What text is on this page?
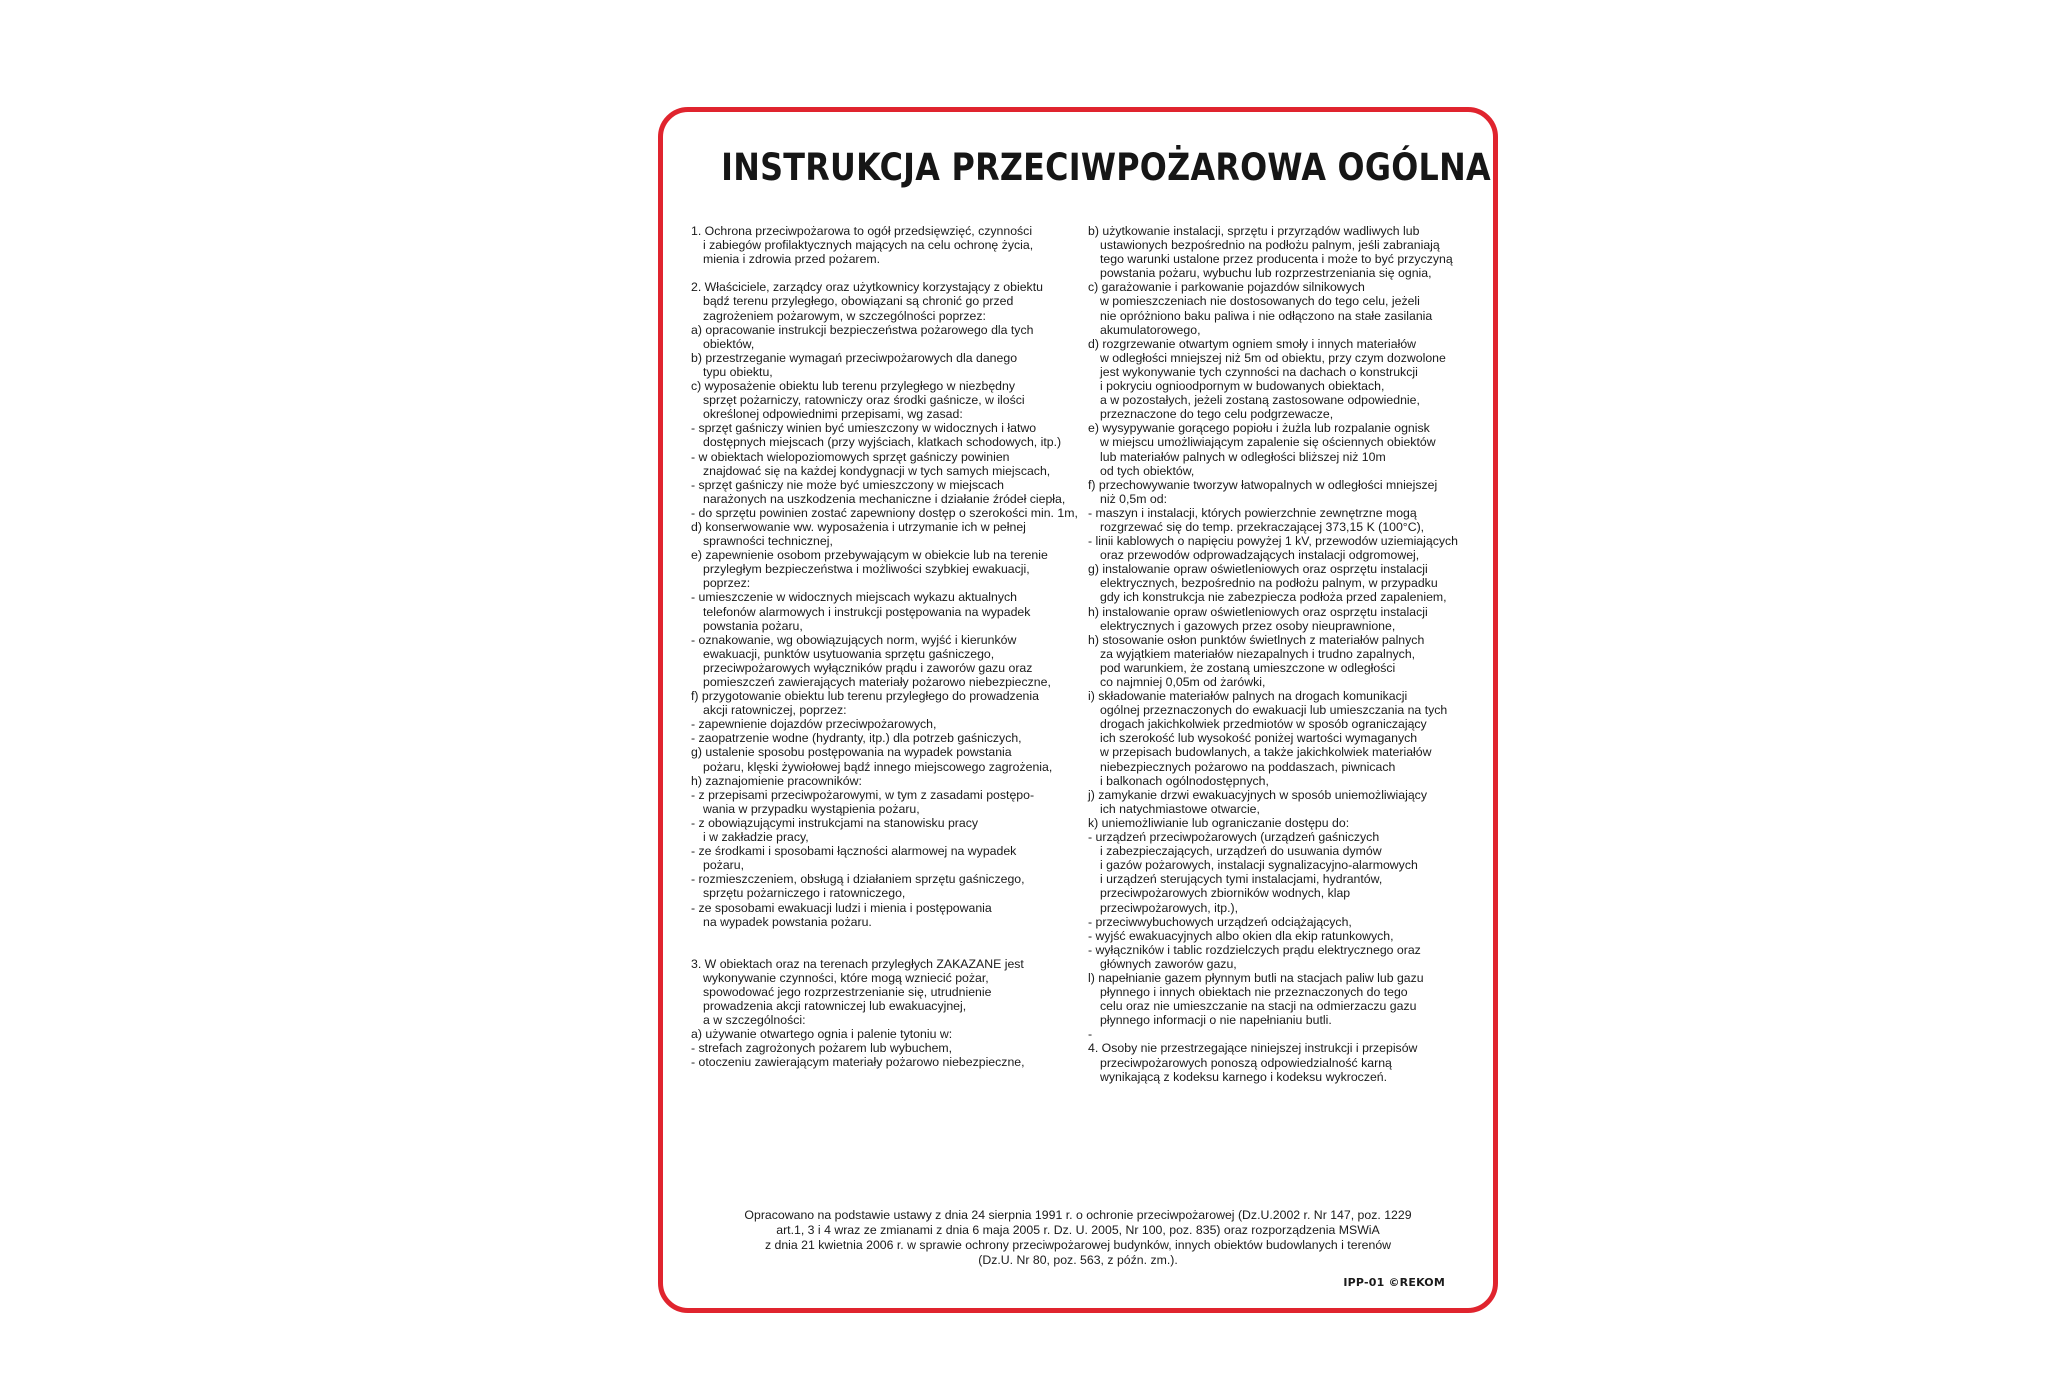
INSTRUKCJA PRZECIWPOŻAROWA OGÓLNA
1. Ochrona przeciwpożarowa to ogół przedsięwzięć, czynności
i zabiegów profilaktycznych mających na celu ochronę życia,
mienia i zdrowia przed pożarem.
2. Właściciele, zarządcy oraz użytkownicy korzystający z obiektu
bądź terenu przyległego, obowiązani są chronić go przed
zagrożeniem pożarowym, w szczególności poprzez:
a) opracowanie instrukcji bezpieczeństwa pożarowego dla tych
obiektów,
b) przestrzeganie wymagań przeciwpożarowych dla danego
typu obiektu,
c) wyposażenie obiektu lub terenu przyległego w niezbędny
sprzęt pożarniczy, ratowniczy oraz środki gaśnicze, w ilości
określonej odpowiednimi przepisami, wg zasad:
- sprzęt gaśniczy winien być umieszczony w widocznych i łatwo
dostępnych miejscach (przy wyjściach, klatkach schodowych, itp.)
- w obiektach wielopoziomowych sprzęt gaśniczy powinien
znajdować się na każdej kondygnacji w tych samych miejscach,
- sprzęt gaśniczy nie może być umieszczony w miejscach
narażonych na uszkodzenia mechaniczne i działanie źródeł ciepła,
- do sprzętu powinien zostać zapewniony dostęp o szerokości min. 1m,
d) konserwowanie ww. wyposażenia i utrzymanie ich w pełnej
sprawności technicznej,
e) zapewnienie osobom przebywającym w obiekcie lub na terenie
przyległym bezpieczeństwa i możliwości szybkiej ewakuacji,
poprzez:
- umieszczenie w widocznych miejscach wykazu aktualnych
telefonów alarmowych i instrukcji postępowania na wypadek
powstania pożaru,
- oznakowanie, wg obowiązujących norm, wyjść i kierunków
ewakuacji, punktów usytuowania sprzętu gaśniczego,
przeciwpożarowych wyłączników prądu i zaworów gazu oraz
pomieszczeń zawierających materiały pożarowo niebezpieczne,
f) przygotowanie obiektu lub terenu przyległego do prowadzenia
akcji ratowniczej, poprzez:
- zapewnienie dojazdów przeciwpożarowych,
- zaopatrzenie wodne (hydranty, itp.) dla potrzeb gaśniczych,
g) ustalenie sposobu postępowania na wypadek powstania
pożaru, klęski żywiołowej bądź innego miejscowego zagrożenia,
h) zaznajomienie pracowników:
- z przepisami przeciwpożarowymi, w tym z zasadami postępo-
wania w przypadku wystąpienia pożaru,
- z obowiązującymi instrukcjami na stanowisku pracy
i w zakładzie pracy,
- ze środkami i sposobami łączności alarmowej na wypadek
pożaru,
- rozmieszczeniem, obsługą i działaniem sprzętu gaśniczego,
sprzętu pożarniczego i ratowniczego,
- ze sposobami ewakuacji ludzi i mienia i postępowania
na wypadek powstania pożaru.
3. W obiektach oraz na terenach przyległych ZAKAZANE jest
wykonywanie czynności, które mogą wzniecić pożar,
spowodować jego rozprzestrzenianie się, utrudnienie
prowadzenia akcji ratowniczej lub ewakuacyjnej,
a w szczególności:
a) używanie otwartego ognia i palenie tytoniu w:
- strefach zagrożonych pożarem lub wybuchem,
- otoczeniu zawierającym materiały pożarowo niebezpieczne,
b) użytkowanie instalacji, sprzętu i przyrządów wadliwych lub
ustawionych bezpośrednio na podłożu palnym, jeśli zabraniają
tego warunki ustalone przez producenta i może to być przyczyną
powstania pożaru, wybuchu lub rozprzestrzeniania się ognia,
c) garażowanie i parkowanie pojazdów silnikowych
w pomieszczeniach nie dostosowanych do tego celu, jeżeli
nie opróżniono baku paliwa i nie odłączono na stałe zasilania
akumulatorowego,
d) rozgrzewanie otwartym ogniem smoły i innych materiałów
w odległości mniejszej niż 5m od obiektu, przy czym dozwolone
jest wykonywanie tych czynności na dachach o konstrukcji
i pokryciu ognioodpornym w budowanych obiektach,
a w pozostałych, jeżeli zostaną zastosowane odpowiednie,
przeznaczone do tego celu podgrzewacze,
e) wysypywanie gorącego popiołu i żużla lub rozpalanie ognisk
w miejscu umożliwiającym zapalenie się ościennych obiektów
lub materiałów palnych w odległości bliższej niż 10m
od tych obiektów,
f) przechowywanie tworzyw łatwopalnych w odległości mniejszej
niż 0,5m od:
- maszyn i instalacji, których powierzchnie zewnętrzne mogą
rozgrzewać się do temp. przekraczającej 373,15 K (100°C),
- linii kablowych o napięciu powyżej 1 kV, przewodów uziemiających
oraz przewodów odprowadzających instalacji odgromowej,
g) instalowanie opraw oświetleniowych oraz osprzętu instalacji
elektrycznych, bezpośrednio na podłożu palnym, w przypadku
gdy ich konstrukcja nie zabezpiecza podłoża przed zapaleniem,
h) instalowanie opraw oświetleniowych oraz osprzętu instalacji
elektrycznych i gazowych przez osoby nieuprawnione,
h) stosowanie osłon punktów świetlnych z materiałów palnych
za wyjątkiem materiałów niezapalnych i trudno zapalnych,
pod warunkiem, że zostaną umieszczone w odległości
co najmniej 0,05m od żarówki,
i) składowanie materiałów palnych na drogach komunikacji
ogólnej przeznaczonych do ewakuacji lub umieszczania na tych
drogach jakichkolwiek przedmiotów w sposób ograniczający
ich szerokość lub wysokość poniżej wartości wymaganych
w przepisach budowlanych, a także jakichkolwiek materiałów
niebezpiecznych pożarowo na poddaszach, piwnicach
i balkonach ogólnodostępnych,
j) zamykanie drzwi ewakuacyjnych w sposób uniemożliwiający
ich natychmiastowe otwarcie,
k) uniemożliwianie lub ograniczanie dostępu do:
- urządzeń przeciwpożarowych (urządzeń gaśniczych
i zabezpieczających, urządzeń do usuwania dymów
i gazów pożarowych, instalacji sygnalizacyjno-alarmowych
i urządzeń sterujących tymi instalacjami, hydrantów,
przeciwpożarowych zbiorników wodnych, klap
przeciwpożarowych, itp.),
- przeciwwybuchowych urządzeń odciążających,
- wyjść ewakuacyjnych albo okien dla ekip ratunkowych,
- wyłączników i tablic rozdzielczych prądu elektrycznego oraz
głównych zaworów gazu,
l) napełnianie gazem płynnym butli na stacjach paliw lub gazu
płynnego i innych obiektach nie przeznaczonych do tego
celu oraz nie umieszczanie na stacji na odmierzaczu gazu
płynnego informacji o nie napełnianiu butli.
-
4. Osoby nie przestrzegające niniejszej instrukcji i przepisów
przeciwpożarowych ponoszą odpowiedzialność karną
wynikającą z kodeksu karnego i kodeksu wykroczeń.
Opracowano na podstawie ustawy z dnia 24 sierpnia 1991 r. o ochronie przeciwpożarowej (Dz.U.2002 r. Nr 147, poz. 1229
art.1, 3 i 4 wraz ze zmianami z dnia 6 maja 2005 r. Dz. U. 2005, Nr 100, poz. 835) oraz rozporządzenia MSWiA
z dnia 21 kwietnia 2006 r. w sprawie ochrony przeciwpożarowej budynków, innych obiektów budowlanych i terenów
(Dz.U. Nr 80, poz. 563, z późn. zm.).
IPP-01 ©REKOM
